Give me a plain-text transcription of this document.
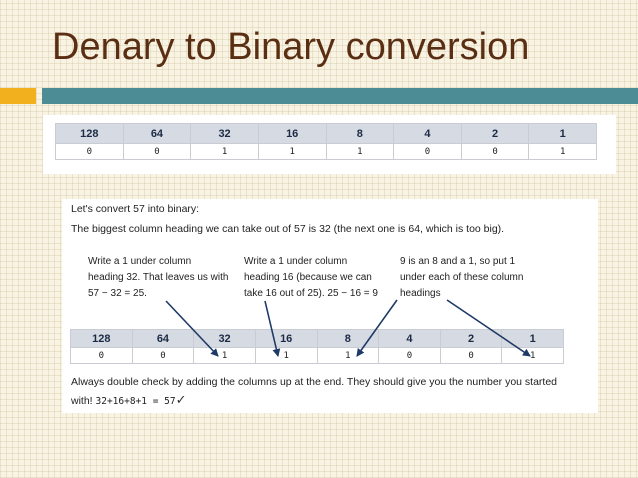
Denary to Binary conversion
128	64	32	16	8	4	2	1
0	0	1	1	1	0	0	1
Let's convert 57 into binary:
The biggest column heading we can take out of 57 is 32 (the next one is 64, which is too big).
Write a 1 under column
heading 32. That leaves us with
57 − 32 = 25.
Write a 1 under column
heading 16 (because we can
take 16 out of 25). 25 − 16 = 9
9 is an 8 and a 1, so put 1
under each of these column
headings
128	64	32	16	8	4	2	1
0	0	1	1	1	0	0	1
Always double check by adding the columns up at the end. They should give you the number you started
with! 32+16+8+1 = 57✓
